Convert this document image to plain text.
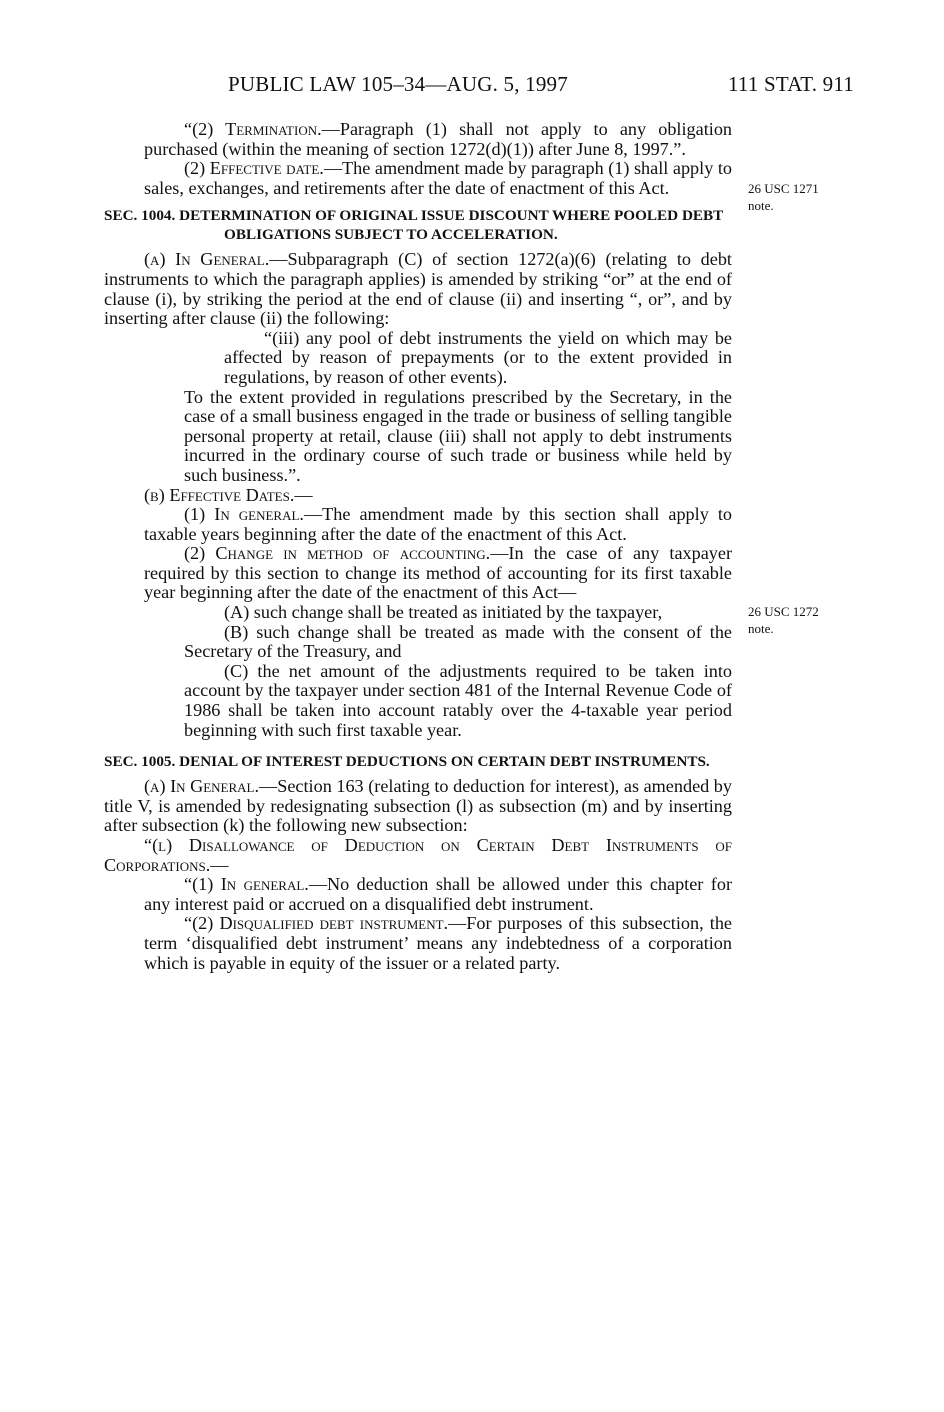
PUBLIC LAW 105–34—AUG. 5, 1997	111 STAT. 911
26 USC 1271
note.
26 USC 1272
note.

“(2) Termination.—Paragraph (1) shall not apply to any obligation purchased (within the meaning of section 1272(d)(1)) after June 8, 1997.”.

(2) Effective date.—The amendment made by paragraph (1) shall apply to sales, exchanges, and retirements after the date of enactment of this Act.

SEC. 1004. DETERMINATION OF ORIGINAL ISSUE DISCOUNT WHERE POOLED DEBT OBLIGATIONS SUBJECT TO ACCELERATION.

(a) In General.—Subparagraph (C) of section 1272(a)(6) (relating to debt instruments to which the paragraph applies) is amended by striking “or” at the end of clause (i), by striking the period at the end of clause (ii) and inserting “, or”, and by inserting after clause (ii) the following:

“(iii) any pool of debt instruments the yield on which may be affected by reason of prepayments (or to the extent provided in regulations, by reason of other events).

To the extent provided in regulations prescribed by the Secretary, in the case of a small business engaged in the trade or business of selling tangible personal property at retail, clause (iii) shall not apply to debt instruments incurred in the ordinary course of such trade or business while held by such business.”.

(b) Effective Dates.—

(1) In general.—The amendment made by this section shall apply to taxable years beginning after the date of the enactment of this Act.

(2) Change in method of accounting.—In the case of any taxpayer required by this section to change its method of accounting for its first taxable year beginning after the date of the enactment of this Act—

(A) such change shall be treated as initiated by the taxpayer,

(B) such change shall be treated as made with the consent of the Secretary of the Treasury, and

(C) the net amount of the adjustments required to be taken into account by the taxpayer under section 481 of the Internal Revenue Code of 1986 shall be taken into account ratably over the 4-taxable year period beginning with such first taxable year.

SEC. 1005. DENIAL OF INTEREST DEDUCTIONS ON CERTAIN DEBT INSTRUMENTS.

(a) In General.—Section 163 (relating to deduction for interest), as amended by title V, is amended by redesignating subsection (l) as subsection (m) and by inserting after subsection (k) the following new subsection:

“(l) Disallowance of Deduction on Certain Debt Instruments of Corporations.—

“(1) In general.—No deduction shall be allowed under this chapter for any interest paid or accrued on a disqualified debt instrument.

“(2) Disqualified debt instrument.—For purposes of this subsection, the term ‘disqualified debt instrument’ means any indebtedness of a corporation which is payable in equity of the issuer or a related party.
